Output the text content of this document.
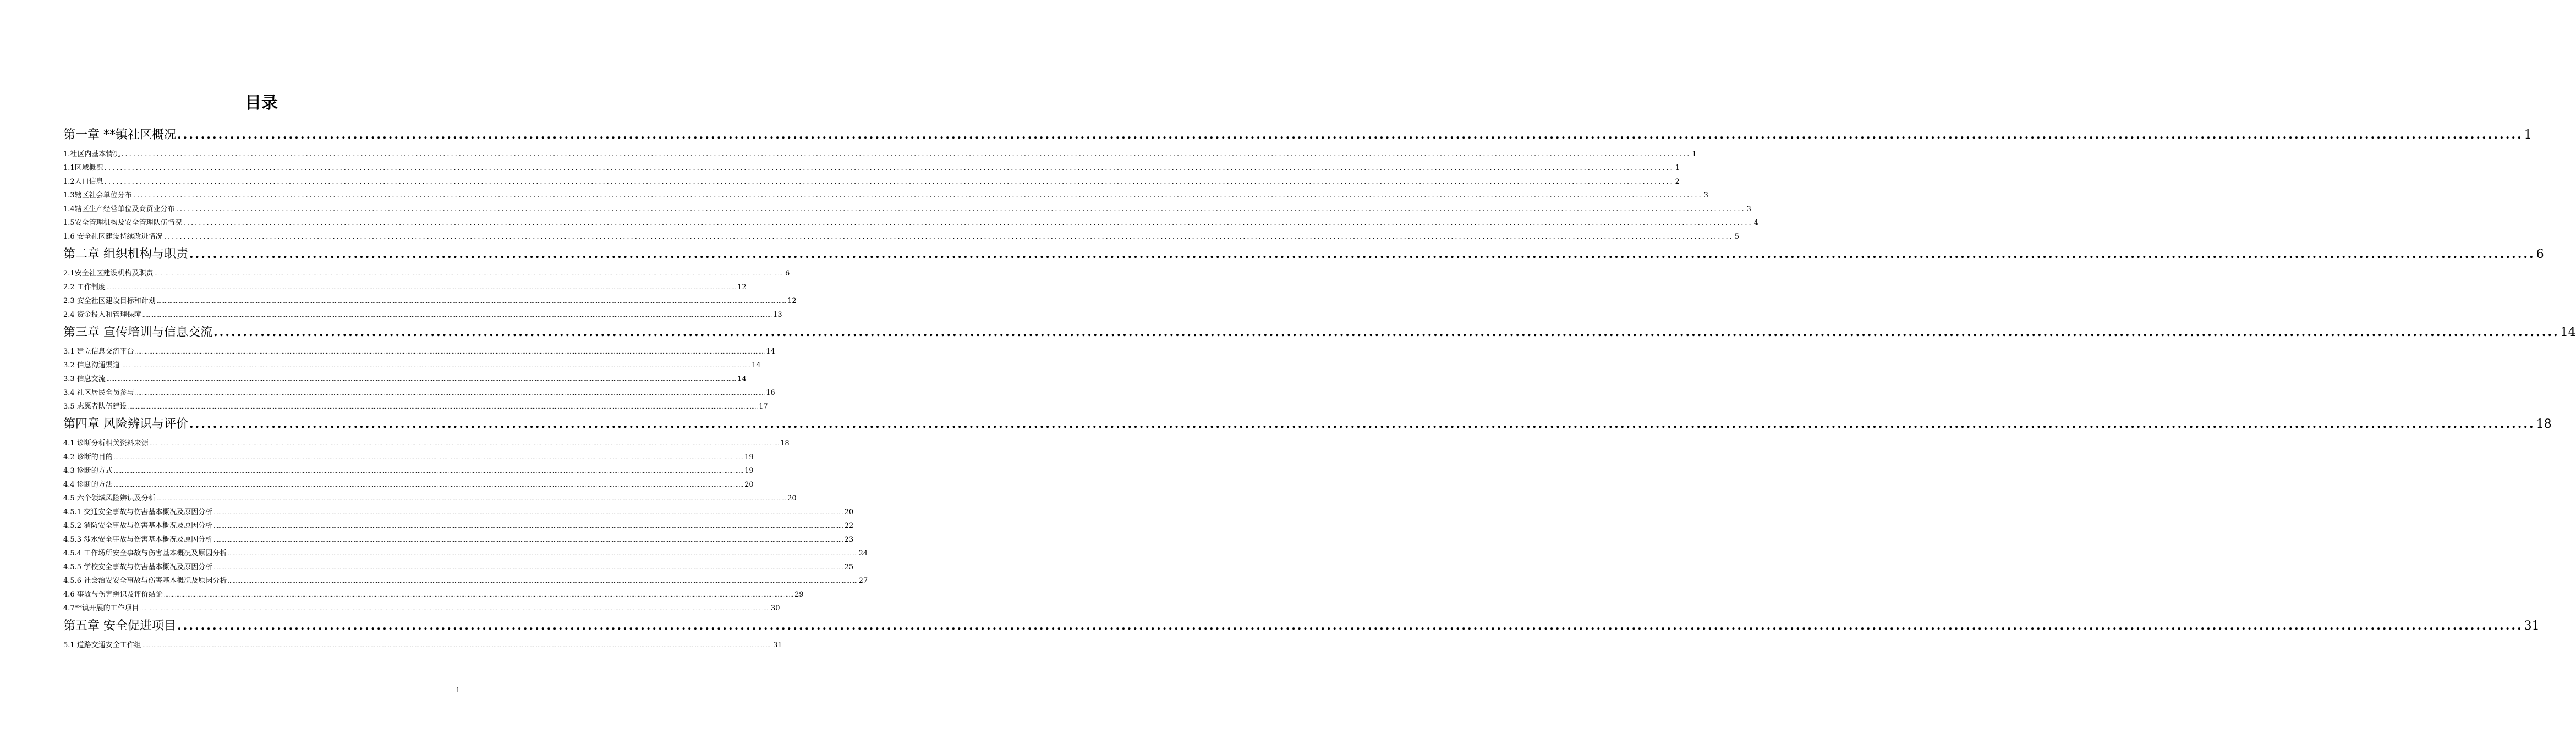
目录
第一章 **镇社区概况 ................................................................................................................................................................................................................................................................................................................................................................................................................ 1
1.社区内基本情况 ................................................................................................................................................................................................................................................................................................................................................................................................................ 1
1.1区域概况 ................................................................................................................................................................................................................................................................................................................................................................................................................ 1
1.2人口信息 ................................................................................................................................................................................................................................................................................................................................................................................................................ 2
1.3辖区社会单位分布 ................................................................................................................................................................................................................................................................................................................................................................................................................ 3
1.4辖区生产经营单位及商贸业分布 ................................................................................................................................................................................................................................................................................................................................................................................................................ 3
1.5安全管理机构及安全管理队伍情况 ................................................................................................................................................................................................................................................................................................................................................................................................................ 4
1.6 安全社区建设持续改进情况 ................................................................................................................................................................................................................................................................................................................................................................................................................ 5
第二章 组织机构与职责 ................................................................................................................................................................................................................................................................................................................................................................................................................ 6
2.1安全社区建设机构及职责 ................................................................................................................................................................................................................................................................................................................................................................................................................ 6
2.2 工作制度 ................................................................................................................................................................................................................................................................................................................................................................................................................ 12
2.3 安全社区建设目标和计划 ................................................................................................................................................................................................................................................................................................................................................................................................................ 12
2.4 资金投入和管理保障 ................................................................................................................................................................................................................................................................................................................................................................................................................ 13
第三章 宣传培训与信息交流 ................................................................................................................................................................................................................................................................................................................................................................................................................ 14
3.1 建立信息交流平台 ................................................................................................................................................................................................................................................................................................................................................................................................................ 14
3.2 信息沟通渠道 ................................................................................................................................................................................................................................................................................................................................................................................................................ 14
3.3 信息交流 ................................................................................................................................................................................................................................................................................................................................................................................................................ 14
3.4 社区居民全员参与 ................................................................................................................................................................................................................................................................................................................................................................................................................ 16
3.5 志愿者队伍建设 ................................................................................................................................................................................................................................................................................................................................................................................................................ 17
第四章 风险辨识与评价 ................................................................................................................................................................................................................................................................................................................................................................................................................ 18
4.1 诊断分析相关资料来源 ................................................................................................................................................................................................................................................................................................................................................................................................................ 18
4.2 诊断的目的 ................................................................................................................................................................................................................................................................................................................................................................................................................ 19
4.3 诊断的方式 ................................................................................................................................................................................................................................................................................................................................................................................................................ 19
4.4 诊断的方法 ................................................................................................................................................................................................................................................................................................................................................................................................................ 20
4.5 六个领域风险辨识及分析 ................................................................................................................................................................................................................................................................................................................................................................................................................ 20
4.5.1 交通安全事故与伤害基本概况及原因分析 ................................................................................................................................................................................................................................................................................................................................................................................................................ 20
4.5.2 消防安全事故与伤害基本概况及原因分析 ................................................................................................................................................................................................................................................................................................................................................................................................................ 22
4.5.3 涉水安全事故与伤害基本概况及原因分析 ................................................................................................................................................................................................................................................................................................................................................................................................................ 23
4.5.4 工作场所安全事故与伤害基本概况及原因分析 ................................................................................................................................................................................................................................................................................................................................................................................................................ 24
4.5.5 学校安全事故与伤害基本概况及原因分析 ................................................................................................................................................................................................................................................................................................................................................................................................................ 25
4.5.6 社会治安安全事故与伤害基本概况及原因分析 ................................................................................................................................................................................................................................................................................................................................................................................................................ 27
4.6 事故与伤害辨识及评价结论 ................................................................................................................................................................................................................................................................................................................................................................................................................ 29
4.7**镇开展的工作项目 ................................................................................................................................................................................................................................................................................................................................................................................................................ 30
第五章 安全促进项目 ................................................................................................................................................................................................................................................................................................................................................................................................................ 31
5.1 道路交通安全工作组 ................................................................................................................................................................................................................................................................................................................................................................................................................ 31
1
